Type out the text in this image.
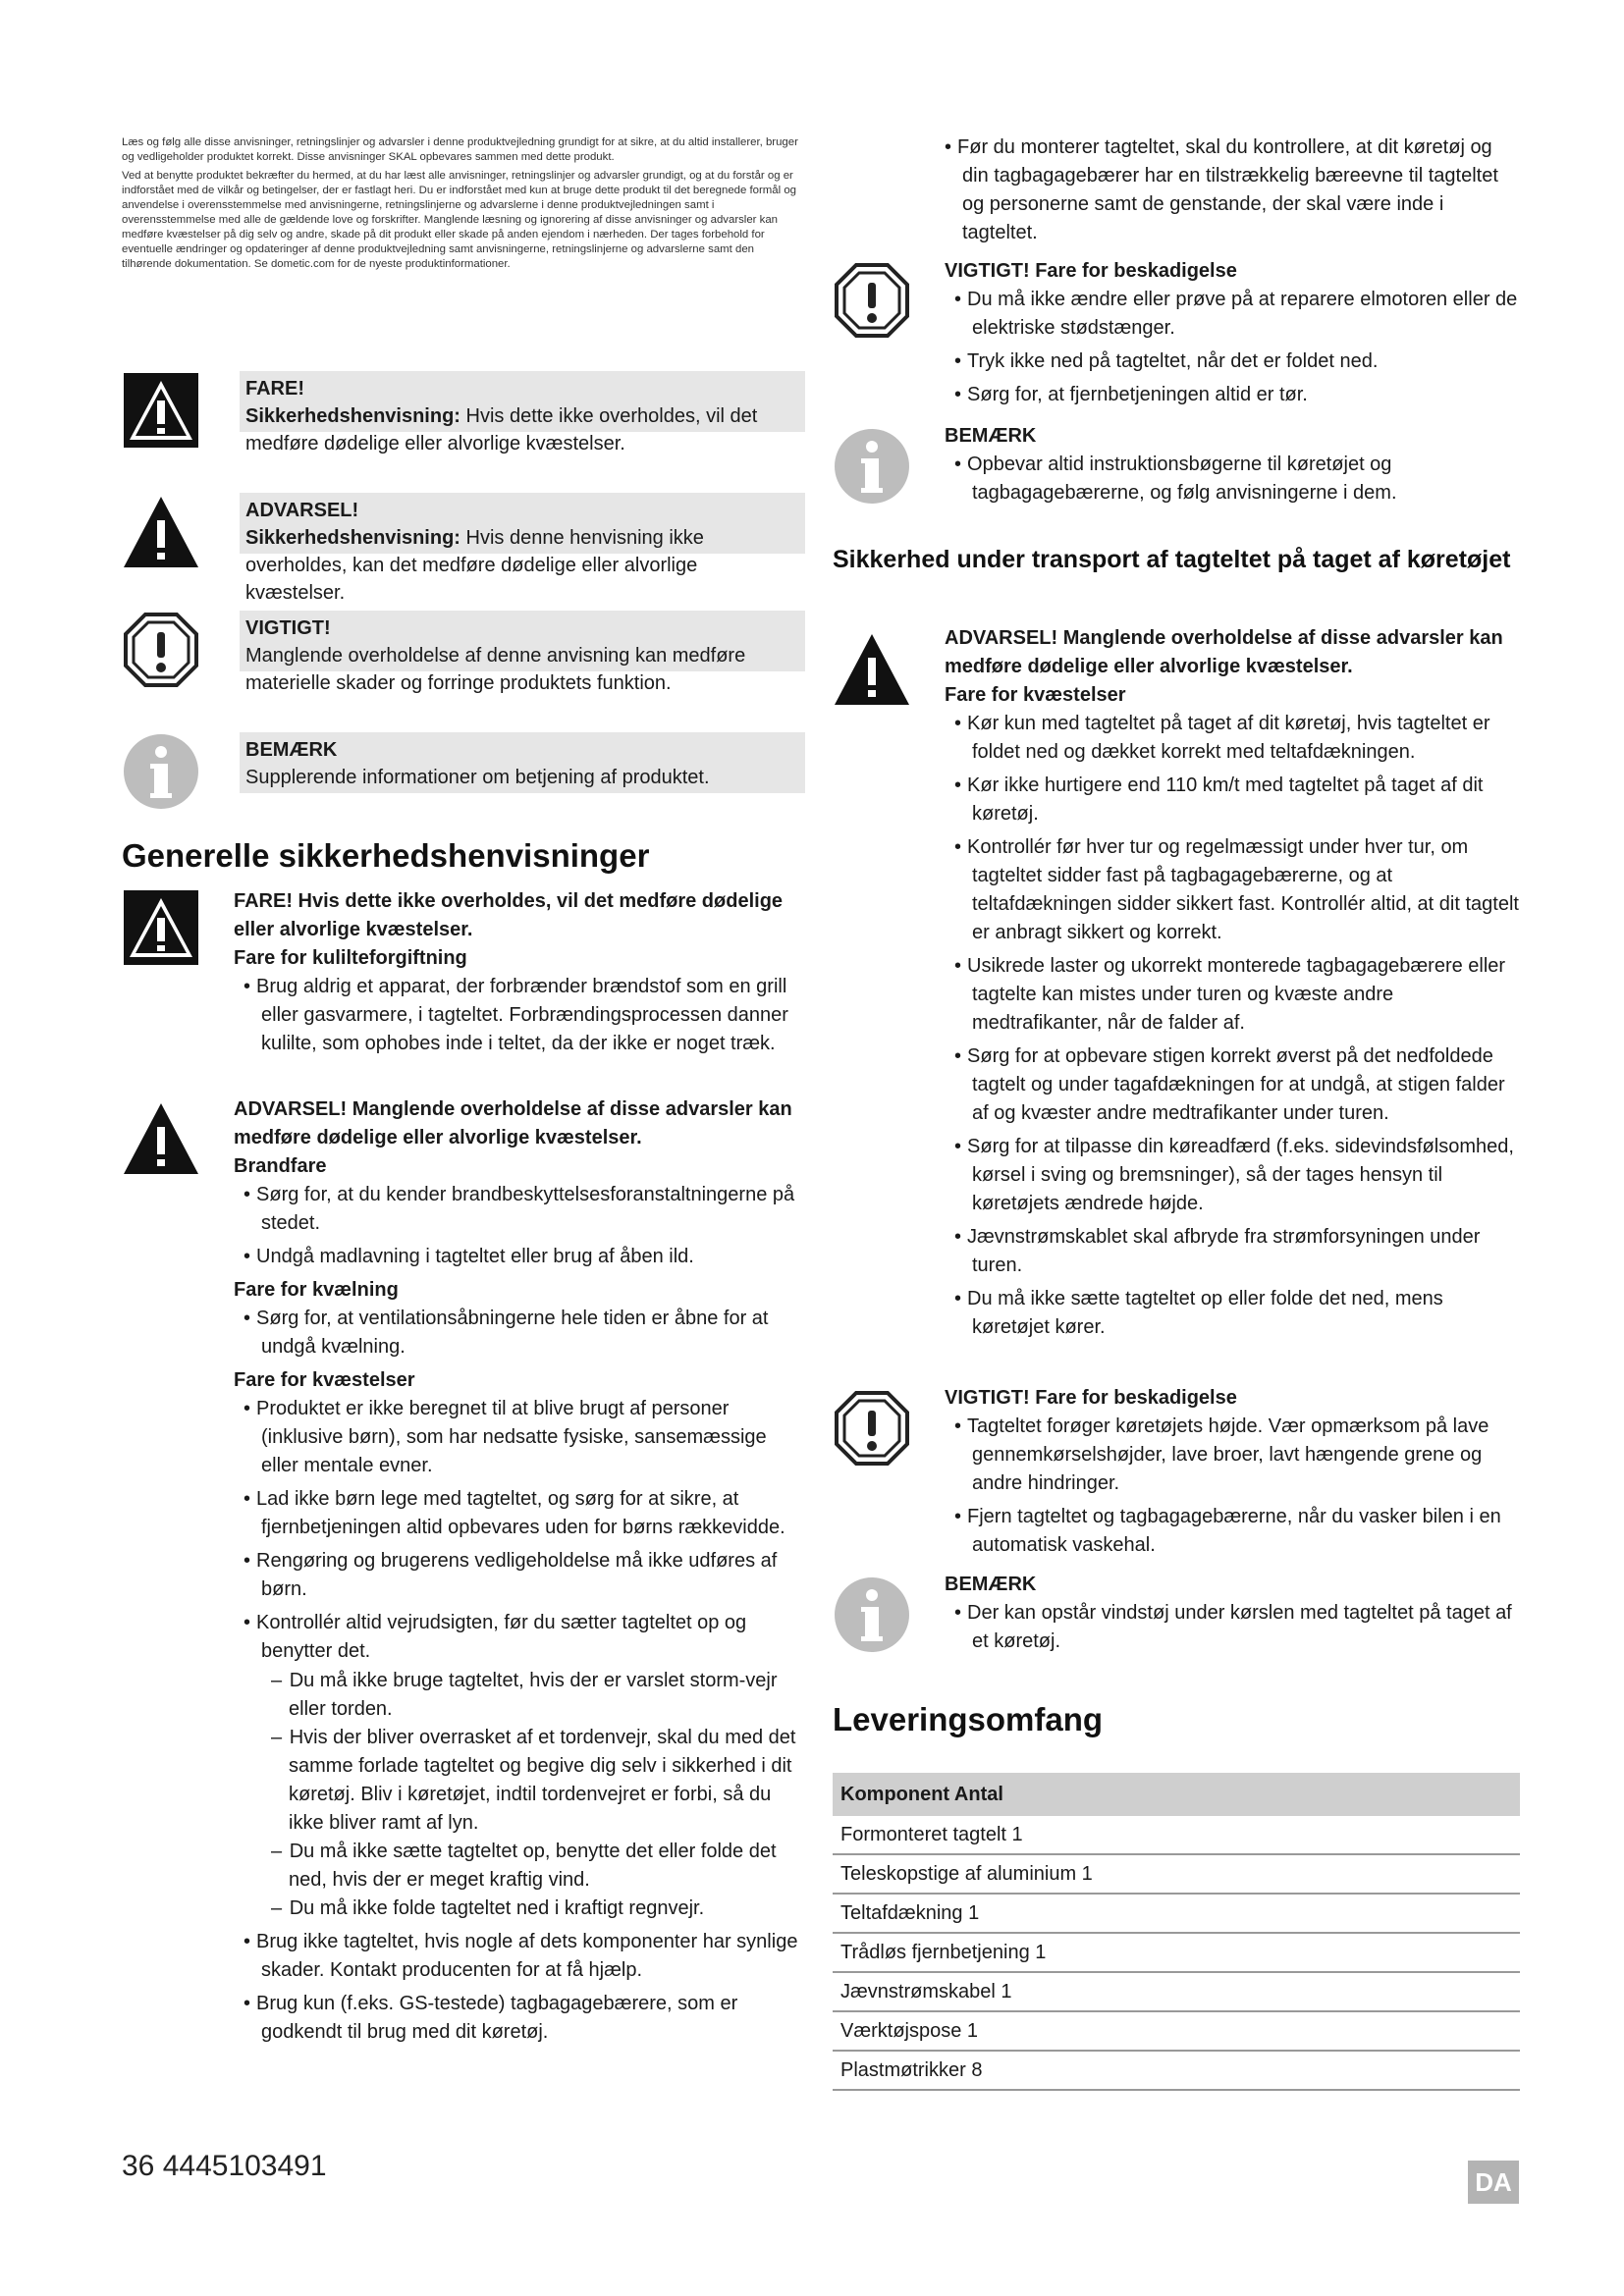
Læs og følg alle disse anvisninger, retningslinjer og advarsler i denne produktvejledning grundigt for at sikre, at du altid installerer, bruger og vedligeholder produktet korrekt. Disse anvisninger SKAL opbevares sammen med dette produkt.

Ved at benytte produktet bekræfter du hermed, at du har læst alle anvisninger, retningslinjer og advarsler grundigt, og at du forstår og er indforstået med de vilkår og betingelser, der er fastlagt heri. Du er indforstået med kun at bruge dette produkt til det beregnede formål og anvendelse i overensstemmelse med anvisningerne, retningslinjerne og advarslerne i denne produktvejledningen samt i overensstemmelse med alle de gældende love og forskrifter. Manglende læsning og ignorering af disse anvisninger og advarsler kan medføre kvæstelser på dig selv og andre, skade på dit produkt eller skade på anden ejendom i nærheden. Der tages forbehold for eventuelle ændringer og opdateringer af denne produktvejledning samt anvisningerne, retningslinjerne og advarslerne samt den tilhørende dokumentation. Se dometic.com for de nyeste produktinformationer.

FARE!
Sikkerhedshenvisning: Hvis dette ikke overholdes, vil det medføre dødelige eller alvorlige kvæstelser.
ADVARSEL!
Sikkerhedshenvisning: Hvis denne henvisning ikke overholdes, kan det medføre dødelige eller alvorlige kvæstelser.
VIGTIGT!
Manglende overholdelse af denne anvisning kan medføre materielle skader og forringe produktets funktion.
BEMÆRK
Supplerende informationer om betjening af produktet.
Generelle sikkerhedshenvisninger
FARE! Hvis dette ikke overholdes, vil det medføre dødelige eller alvorlige kvæstelser.
Fare for kulilteforgiftning
• Brug aldrig et apparat, der forbrænder brændstof som en grill eller gasvarmere, i tagteltet. Forbrændingsprocessen danner kulilte, som ophobes inde i teltet, da der ikke er noget træk.
ADVARSEL! Manglende overholdelse af disse advarsler kan medføre dødelige eller alvorlige kvæstelser.
Brandfare
• Sørg for, at du kender brandbeskyttelsesforanstaltningerne på stedet.
• Undgå madlavning i tagteltet eller brug af åben ild.
Fare for kvælning
• Sørg for, at ventilationsåbningerne hele tiden er åbne for at undgå kvælning.
Fare for kvæstelser
• Produktet er ikke beregnet til at blive brugt af personer (inklusive børn), som har nedsatte fysiske, sansemæssige eller mentale evner.
• Lad ikke børn lege med tagteltet, og sørg for at sikre, at fjernbetjeningen altid opbevares uden for børns rækkevidde.
• Rengøring og brugerens vedligeholdelse må ikke udføres af børn.
• Kontrollér altid vejrudsigten, før du sætter tagteltet op og benytter det.
– Du må ikke bruge tagteltet, hvis der er varslet storm-vejr eller torden.
– Hvis der bliver overrasket af et tordenvejr, skal du med det samme forlade tagteltet og begive dig selv i sikkerhed i dit køretøj. Bliv i køretøjet, indtil tordenvejret er forbi, så du ikke bliver ramt af lyn.
– Du må ikke sætte tagteltet op, benytte det eller folde det ned, hvis der er meget kraftig vind.
– Du må ikke folde tagteltet ned i kraftigt regnvejr.
• Brug ikke tagteltet, hvis nogle af dets komponenter har synlige skader. Kontakt producenten for at få hjælp.
• Brug kun (f.eks. GS-testede) tagbagagebærere, som er godkendt til brug med dit køretøj.
• Før du monterer tagteltet, skal du kontrollere, at dit køretøj og din tagbagagebærer har en tilstrækkelig bæreevne til tagteltet og personerne samt de genstande, der skal være inde i tagteltet.
VIGTIGT! Fare for beskadigelse
• Du må ikke ændre eller prøve på at reparere elmotoren eller de elektriske stødstænger.
• Tryk ikke ned på tagteltet, når det er foldet ned.
• Sørg for, at fjernbetjeningen altid er tør.
BEMÆRK
• Opbevar altid instruktionsbøgerne til køretøjet og tagbagagebærerne, og følg anvisningerne i dem.
Sikkerhed under transport af tagteltet på taget af køretøjet
ADVARSEL! Manglende overholdelse af disse advarsler kan medføre dødelige eller alvorlige kvæstelser.
Fare for kvæstelser
• Kør kun med tagteltet på taget af dit køretøj, hvis tagteltet er foldet ned og dækket korrekt med teltafdækningen.
• Kør ikke hurtigere end 110 km/t med tagteltet på taget af dit køretøj.
• Kontrollér før hver tur og regelmæssigt under hver tur, om tagteltet sidder fast på tagbagagebærerne, og at teltafdækningen sidder sikkert fast. Kontrollér altid, at dit tagtelt er anbragt sikkert og korrekt.
• Usikrede laster og ukorrekt monterede tagbagagebærere eller tagtelte kan mistes under turen og kvæste andre medtrafikanter, når de falder af.
• Sørg for at opbevare stigen korrekt øverst på det nedfoldede tagtelt og under tagafdækningen for at undgå, at stigen falder af og kvæster andre medtrafikanter under turen.
• Sørg for at tilpasse din køreadfærd (f.eks. sidevindsfølsomhed, kørsel i sving og bremsninger), så der tages hensyn til køretøjets ændrede højde.
• Jævnstrømskablet skal afbryde fra strømforsyningen under turen.
• Du må ikke sætte tagteltet op eller folde det ned, mens køretøjet kører.
VIGTIGT! Fare for beskadigelse
• Tagteltet forøger køretøjets højde. Vær opmærksom på lave gennemkørselshøjder, lave broer, lavt hængende grene og andre hindringer.
• Fjern tagteltet og tagbagagebærerne, når du vasker bilen i en automatisk vaskehal.
BEMÆRK
• Der kan opstår vindstøj under kørslen med tagteltet på taget af et køretøj.
Leveringsomfang
Komponent Antal
Formonteret tagtelt 1
Teleskopstige af aluminium 1
Teltafdækning 1
Trådløs fjernbetjening 1
Jævnstrømskabel 1
Værktøjspose 1
Plastmøtrikker 8
36 4445103491	DA
